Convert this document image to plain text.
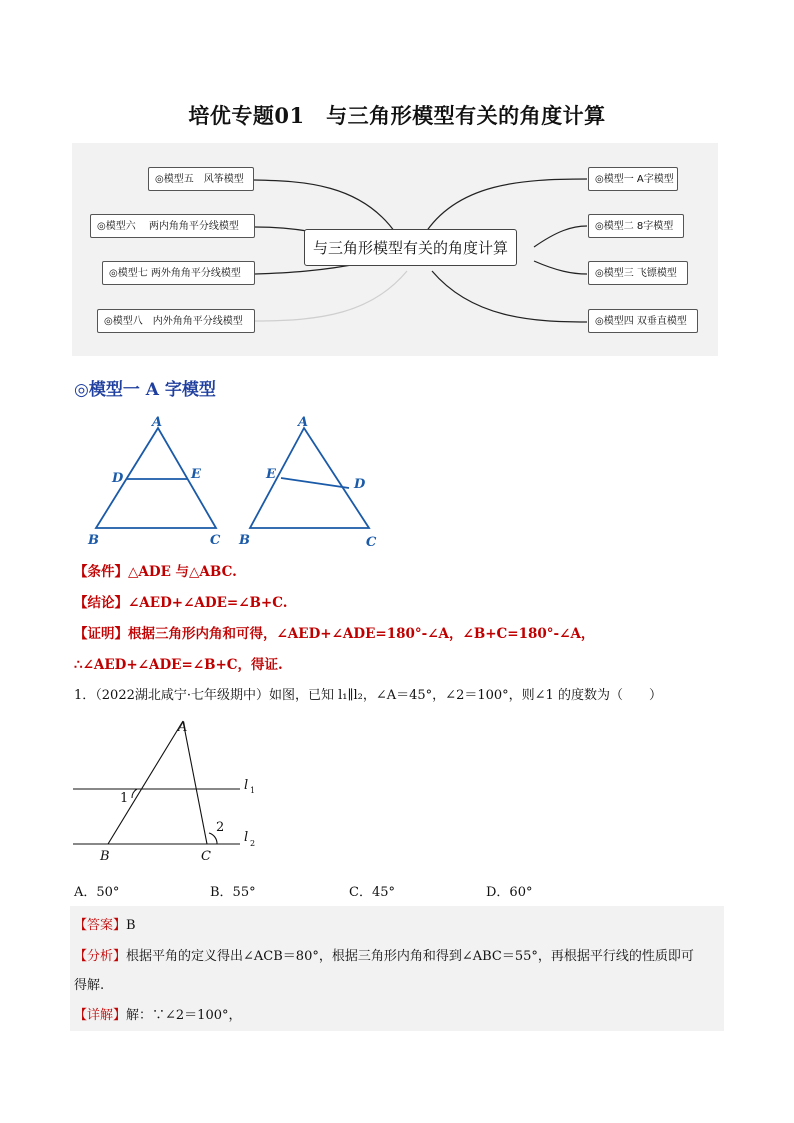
培优专题01　与三角形模型有关的角度计算
◎模型五　风筝模型
◎模型六　 两内角角平分线模型
◎模型七 两外角角平分线模型
◎模型八　内外角角平分线模型
与三角形模型有关的角度计算
◎模型一 A字模型
◎模型二 8字模型
◎模型三 飞镖模型
◎模型四 双垂直模型
◎模型一 A 字模型
A
D	E
B	C
A
E
D
B	C
【条件】△ADE 与△ABC.
【结论】∠AED+∠ADE=∠B+C.
【证明】根据三角形内角和可得，∠AED+∠ADE=180°-∠A，∠B+C=180°-∠A，
∴∠AED+∠ADE=∠B+C，得证.
1．（2022湖北咸宁·七年级期中）如图，已知 l₁∥l₂，∠A＝45°，∠2＝100°，则∠1 的度数为（　　）
A
1
2
B	C
l 1
l 2
A．50°	B．55°	C．45°	D．60°
【答案】B
【分析】根据平角的定义得出∠ACB＝80°，根据三角形内角和得到∠ABC＝55°，再根据平行线的性质即可
得解.
【详解】解：∵∠2＝100°，
